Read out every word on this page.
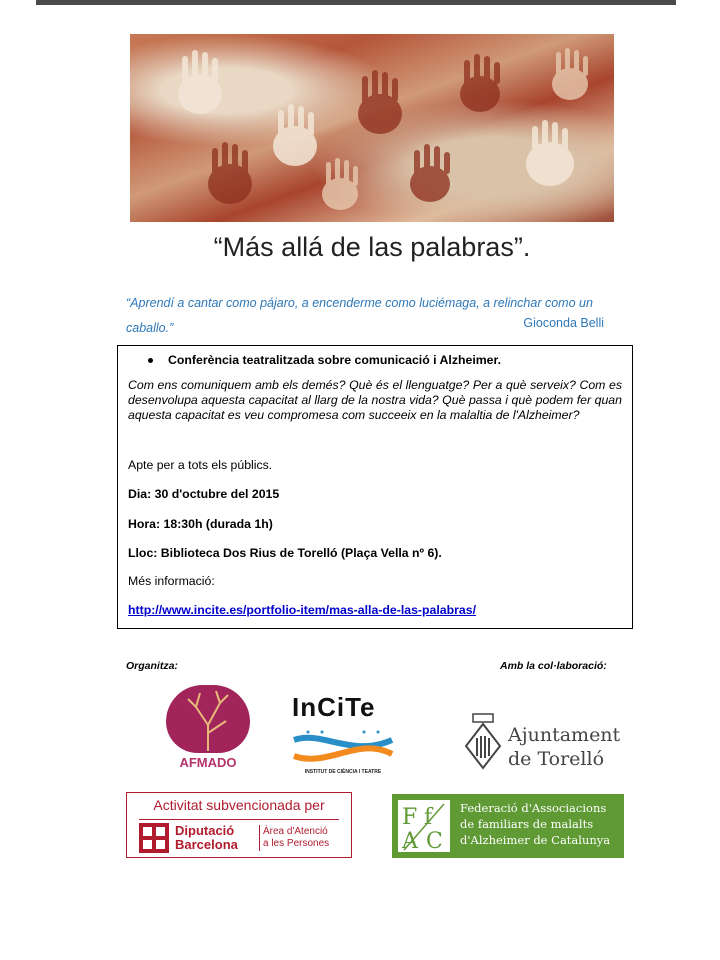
“Más allá de las palabras”.
“Aprendí a cantar como pájaro, a encenderme como luciémaga, a relinchar como un caballo.”	Gioconda Belli
Conferència teatralitzada sobre comunicació i Alzheimer.

Com ens comuniquem amb els demés? Què és el llenguatge? Per a què serveix? Com es desenvolupa aquesta capacitat al llarg de la nostra vida? Què passa i què podem fer quan aquesta capacitat es veu compromesa com succeeix en la malaltia de l'Alzheimer?

Apte per a tots els públics.
Dia: 30 d'octubre del 2015
Hora: 18:30h (durada 1h)
Lloc: Biblioteca Dos Rius de Torelló (Plaça Vella nº 6).
Més informació:
http://www.incite.es/portfolio-item/mas-alla-de-las-palabras/
Organitza:	Amb la col·laboració:
AFMADO
InCiTe
INSTITUT DE CIÈNCIA I TEATRE
Ajuntament
de Torelló
Activitat subvencionada per
Diputació
Barcelona
Àrea d'Atenció
a les Persones
F f
A C
Federació d'Associacions
de familiars de malalts
d'Alzheimer de Catalunya
